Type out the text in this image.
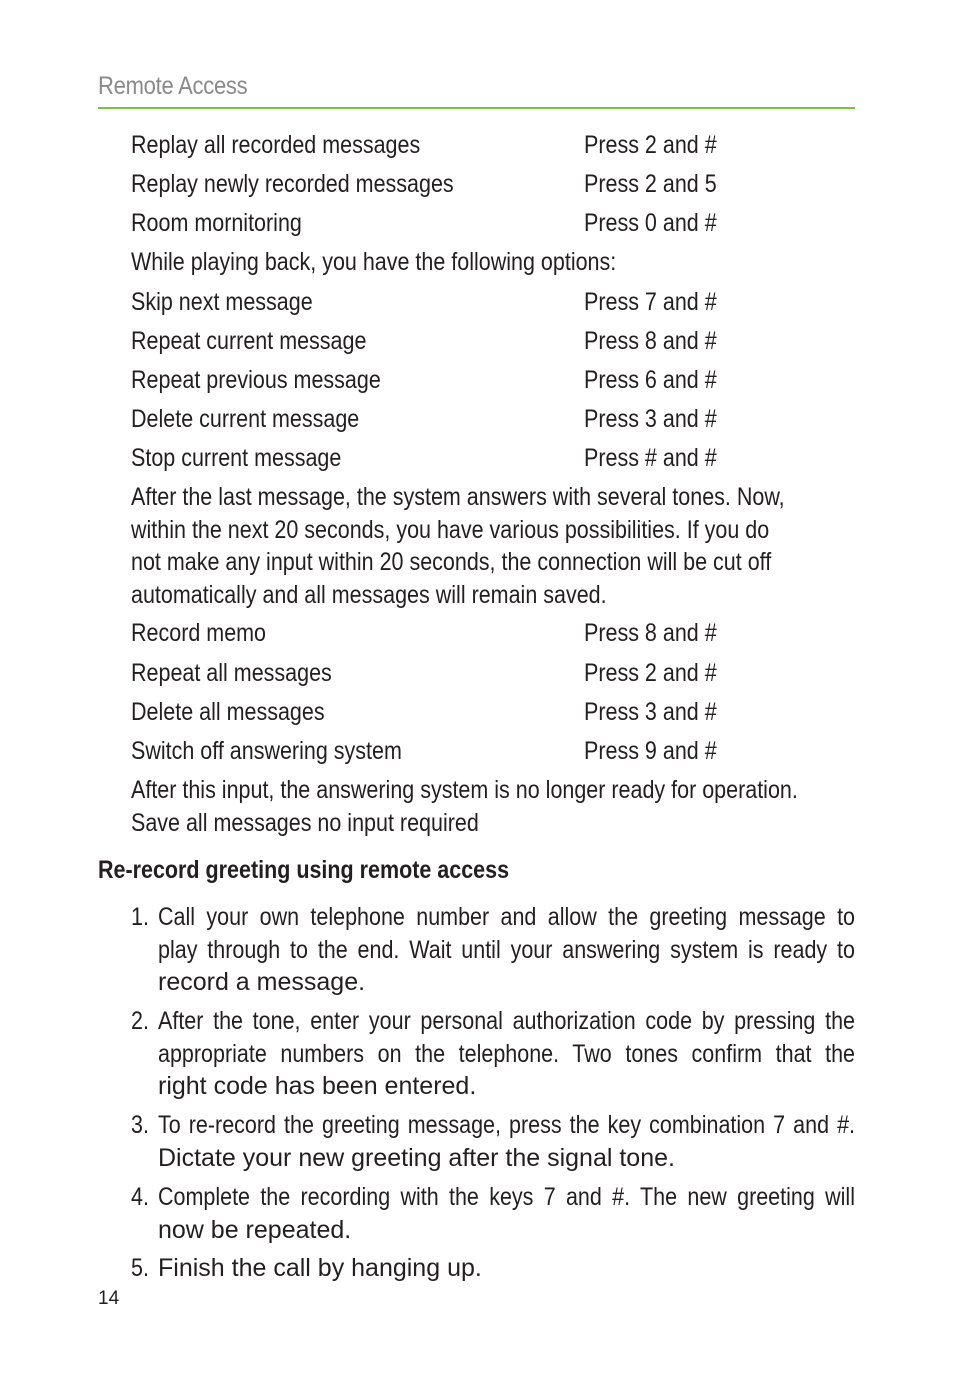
Remote Access
Replay all recorded messages	Press 2 and #
Replay newly recorded messages	Press 2 and 5
Room mornitoring	Press 0 and #
While playing back, you have the following options:
Skip next message	Press 7 and #
Repeat current message	Press 8 and #
Repeat previous message	Press 6 and #
Delete current message	Press 3 and #
Stop current message	Press # and #
After the last message, the system answers with several tones. Now,
within the next 20 seconds, you have various possibilities. If you do
not make any input within 20 seconds, the connection will be cut off
automatically and all messages will remain saved.
Record memo	Press 8 and #
Repeat all messages	Press 2 and #
Delete all messages	Press 3 and #
Switch off answering system	Press 9 and #
After this input, the answering system is no longer ready for operation.
Save all messages no input required
Re-record greeting using remote access
1. Call your own telephone number and allow the greeting message to
play through to the end. Wait until your answering system is ready to
record a message.
2. After the tone, enter your personal authorization code by pressing the
appropriate numbers on the telephone. Two tones confirm that the
right code has been entered.
3. To re-record the greeting message, press the key combination 7 and #.
Dictate your new greeting after the signal tone.
4. Complete the recording with the keys 7 and #. The new greeting will
now be repeated.
5. Finish the call by hanging up.
14
